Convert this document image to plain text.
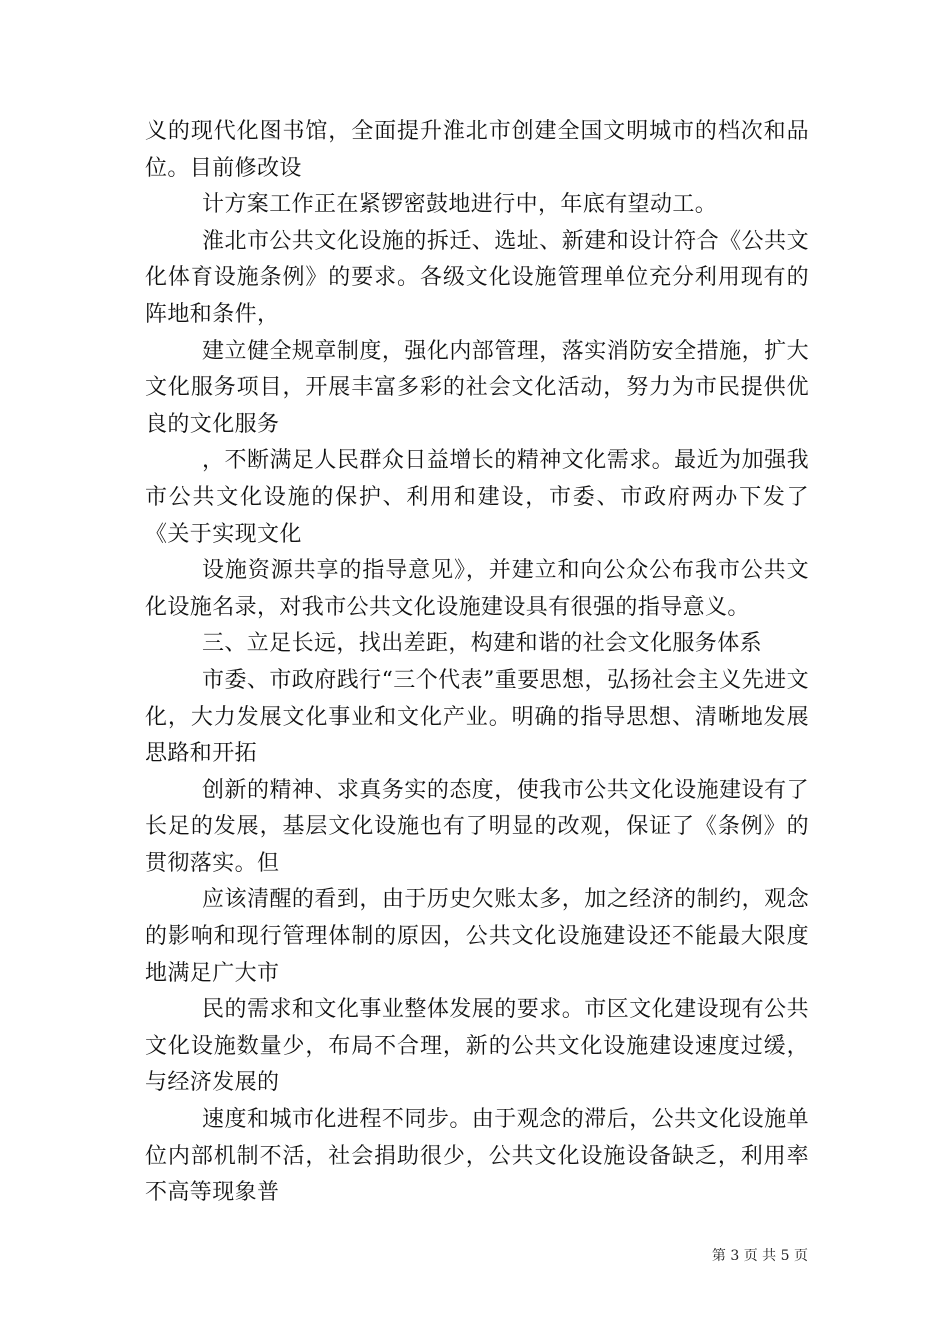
义的现代化图书馆，全面提升淮北市创建全国文明城市的档次和品位。目前修改设

计方案工作正在紧锣密鼓地进行中，年底有望动工。

淮北市公共文化设施的拆迁、选址、新建和设计符合《公共文化体育设施条例》的要求。各级文化设施管理单位充分利用现有的阵地和条件，

建立健全规章制度，强化内部管理，落实消防安全措施，扩大文化服务项目，开展丰富多彩的社会文化活动，努力为市民提供优良的文化服务

，不断满足人民群众日益增长的精神文化需求。最近为加强我市公共文化设施的保护、利用和建设，市委、市政府两办下发了《关于实现文化

设施资源共享的指导意见》，并建立和向公众公布我市公共文化设施名录，对我市公共文化设施建设具有很强的指导意义。

三、立足长远，找出差距，构建和谐的社会文化服务体系

市委、市政府践行“三个代表”重要思想，弘扬社会主义先进文化，大力发展文化事业和文化产业。明确的指导思想、清晰地发展思路和开拓

创新的精神、求真务实的态度，使我市公共文化设施建设有了长足的发展，基层文化设施也有了明显的改观，保证了《条例》的贯彻落实。但

应该清醒的看到，由于历史欠账太多，加之经济的制约，观念的影响和现行管理体制的原因，公共文化设施建设还不能最大限度地满足广大市

民的需求和文化事业整体发展的要求。市区文化建设现有公共文化设施数量少，布局不合理，新的公共文化设施建设速度过缓，与经济发展的

速度和城市化进程不同步。由于观念的滞后，公共文化设施单位内部机制不活，社会捐助很少，公共文化设施设备缺乏，利用率不高等现象普

第 3 页 共 5 页
